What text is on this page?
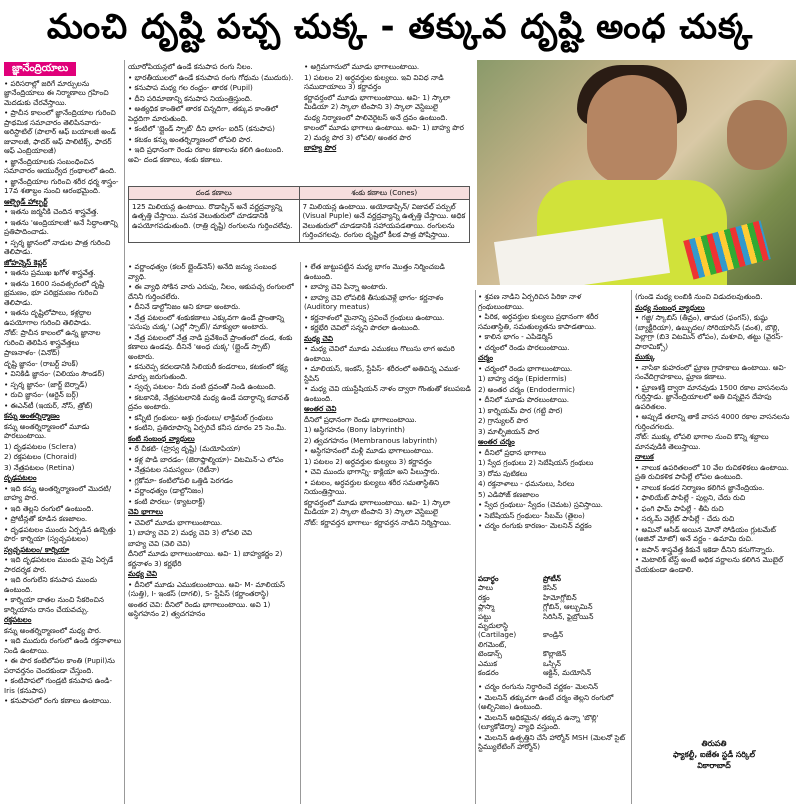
మంచి దృష్టి పచ్చ చుక్క - తక్కువ దృష్టి అంధ చుక్క
జ్ఞానేంద్రియాలు

• పరిసరాల్లో జరిగే మార్పులను జ్ఞానేంద్రియాలు ఈ నిర్మాణాలు గ్రహించి మెదడుకు చేరవేస్తాయి.

• ప్రాచీన కాలంలో జ్ఞానేంద్రియాల గురించి ప్రాథమిక సమాచారం తెలిపినవారు- అరిస్టాటిల్ (పొలార్ ఆఫ్ బయాలజీ అండ్ జువాలజీ, ఫాదర్ ఆఫ్ పాలిటిక్స్, ఫాదర్ ఆఫ్ ఎంబ్రియాలజీ)

• జ్ఞానేంద్రియాలకు సంబంధించిన సమాచారం ఆయుర్వేద గ్రంథాలలో ఉంది.

• జ్ఞానేంద్రియాల గురించి శరీర ధర్మ శాస్త్రం- 17వ శతాబ్దం నుంచి ఆరంభమైంది.

ఆల్ఫ్రెడ్ హాల్ఫర్ట్

• ఇతను జర్మనీకి చెందిన శాస్త్రవేత్త.

• ఇతను 'అంద్రియాలజీ' అనే సిద్ధాంతాన్ని ప్రతిపాదించాడు.

• స్పర్శ జ్ఞానంలో నాడుల పాత్ర గురించి తెలిపాడు.

జోహన్నెస్ కెప్లర్

• ఇతను ప్రముఖ ఖగోళ శాస్త్రవేత్త.

• ఇతను 1600 సంవత్సరంలో దృష్టి భ్రమణం, భూ పరిభ్రమణం గురించి తెలిపాడు.

• ఇతను దృష్టిలోపాలు, కళ్లద్దాల ఉపయోగాల గురించి తెలిపాడు.

నోట్: ప్రాచీన కాలంలో ఉన్న జ్ఞానాల గురించి తెలిపిన శాస్త్రవేత్తలు

ప్రాణనాళం- (వినోద్)

దృష్టి జ్ఞానం- (రాబర్ట్ హుక్)

• వినికిడి జ్ఞానం- (విలియం సౌండర్)

• స్పర్శ జ్ఞానం- (జార్జ్ బెర్నాడ్)

• రుచి జ్ఞానం- (ఆర్టెన్ బర్గ్)

• ఈఎన్‌టీ (ఇయర్, నోస్, త్రోట్)

కన్ను అంతర్నిర్మాణం

కన్ను అంతర్నిర్మాణంలో మూడు పొరలుంటాయి.

1) దృఢపటలం (Sclera)

2) రక్తపటలం (Choraid)

3) నేత్రపటలం (Retina)

దృఢపటలం

• ఇది కన్ను అంతర్నిర్మాణంలో మొదటి/ బాహ్య పొర.

• ఇది తెల్లని రంగులో ఉంటుంది.

• ప్రోటీన్లతో కూడిన కణజాలం.

• దృఢపటలం ముందు ఏర్పడిన ఉబ్బెత్తు పొర- కార్నియా (స్వచ్ఛపటలం)

స్వచ్ఛపటలం/ కార్నియా

• ఇది దృఢపటలం ముందు వైపు ఏర్పడే పారదర్శక పొర.

• ఇది రంగులేని కనుపాప ముందు ఉంటుంది.

• కార్నియా దాతల నుంచి సేకరించిన కార్నియాను దానం చేయవచ్చు.

రక్తపటలం

కన్ను అంతర్నిర్మాణంలో మధ్య పొర.

• ఇది ముదురు రంగులో ఉండి రక్తనాళాలు నిండి ఉంటాయి.

• ఈ పొర కంటిలోపల కాంతి (Pupil)ను పరావర్తనం చెందకుండా చేస్తుంది.

• కంటిపాపలో గుండ్రటి కనుపాప ఉండి- Iris (కనుపాప)

• కనుపాపలో రంగు కణాలు ఉంటాయి.

యూరోపియన్లలో ఉండే కనుపాప రంగు నీలం.

• భారతీయులలో ఉండే కనుపాప రంగు గోధుమ (ముదురు).

• కనుపాప మధ్య గల రంధ్రం- తారక (Pupil)

• దీని పరిమాణాన్ని కనుపాప నియంత్రిస్తుంది.

• అత్యధిక కాంతిలో తారక చిన్నదిగా, తక్కువ కాంతిలో పెద్దదిగా మారుతుంది.

• కంటిలో 'బ్లైండ్ స్పాట్' దీని భాగం- ఐరిస్ (కనుపాప)

• కటకం కన్ను అంతర్నిర్మాణంలో లోపలి పొర.

• ఇది ప్రధానంగా రెండు రకాల కణాలను కలిగి ఉంటుంది. అవి- దండ కణాలు, శంకు కణాలు.

• అగ్రిమగానులో మూడు భాగాలుంటాయి.

1) పటలం 2) అర్ధవర్తుల కుల్యలు. ఇవి వివిధ నాడి సముదాయాలు 3) కర్ణావర్తం

కర్ణావర్తంలో మూడు భాగాలుంటాయి. అవి- 1) స్కాలా మీడియా 2) స్కాలా టింపాని 3) స్కాలా వెస్టిబులై

మధ్య నిర్మాణంలో పాలివెరైటస్ అనే ద్రవం ఉంటుంది.

కాలంలో మూడు భాగాలు ఉంటాయి. అవి- 1) బాహ్య పొర 2) మధ్య పొర 3) లోపలి/ అంతర పొర

బాహ్య పొర

దండ కణాలు	శంకు కణాలు (Cones)
125 మిలియన్ల ఉంటాయి. రొడాప్సిన్ అనే వర్ణద్రవ్యాన్ని ఉత్పత్తి చేస్తాయి. మసక వెలుతురులో చూడడానికి ఉపయోగపడుతుంది. (రాత్రి దృష్టి) రంగులను గుర్తించలేవు.	7 మిలియన్ల ఉంటాయి. అయోడాప్సిన్/ విజువల్ పర్పుల్ (Visual Puple) అనే వర్ణద్రవ్యాన్ని ఉత్పత్తి చేస్తాయి. అధిక వెలుతురులో చూడడానికి సహాయపడతాయి. రంగులను గుర్తించగలవు. రంగుల దృష్టిలో కీలక పాత్ర పోషిస్తాయి.

• వర్ణాంధత్వం (కలర్ బ్లైండ్‌నెస్) అనేది జన్యు సంబంధ వ్యాధి.

• ఈ వ్యాధి సోకిన వారు ఎరుపు, నీలం, ఆకుపచ్చ రంగులలో దేనినీ గుర్తించలేరు.

• దీనినే డాల్టోనిజం అని కూడా అంటారు.

• నేత్ర పటలంలో శంకుకణాలు ఎక్కువగా ఉండే ప్రాంతాన్ని 'పసుపు చుక్క' (ఎల్లో స్పాట్)/ మాక్యులా అంటారు.

• నేత్ర పటలంలో నేత్ర నాడి ప్రవేశించే ప్రాంతంలో దండ, శంకు కణాలు ఉండవు. దీనినే 'అంధ చుక్క' (బ్లైండ్ స్పాట్) అంటారు.

• కనురెప్ప కదలడానికి సిలియరీ కండరాలు, కటకంలో కక్ష్య మార్పు జరుగుతుంది.

• స్వచ్ఛ పటలం- నీరు వంటి ద్రవంతో నిండి ఉంటుంది.

• కటకానికి, నేత్రపటలానికి మధ్య ఉండే పదార్థాన్ని కచావత్ ద్రవం అంటారు.

• కన్నీటి గ్రంథులు- అశ్రు గ్రంథులు/ లాక్రిమల్ గ్రంథులు

• కంటిని, ప్రతిరూపాన్ని ఏర్పరిచే కనీస దూరం 25 సెం.మీ.

కంటి సంబంధ వ్యాధులు

• రే చీకటి- (హ్రస్వ దృష్టి) (మయోపియా)

• కళ్ల పొడి బారడం- (జెరాఫ్తాల్మియా)- విటమిన్-ఎ లోపం

• నేత్రపటల సమస్యలు- (రెటీనా)

• గ్లకోమా- కంటిలోపలి ఒత్తిడి పెరగడం

• వర్ణాంధత్వం (డాల్టోనిజం)

• కంటి పొరలు- (క్యాటరాక్ట్)

చెవి భాగాలు

• చెవిలో మూడు భాగాలుంటాయి.

1) బాహ్య చెవి 2) మధ్య చెవి 3) లోపలి చెవి

బాహ్య చెవి (వెలి చెవి)

దీనిలో మూడు భాగాలుంటాయి. అవి- 1) బాహ్యకర్ణం 2) కర్ణనాళం 3) కర్ణభేరి

మధ్య చెవి

• దీనిలో మూడు ఎముకలుంటాయి. అవి- M- మాలియస్ (సుత్తి), I- ఇంకస్ (దాగలి), S- స్టేపిస్ (కర్ణాంతరాస్థి)

అంతర చెవి: దీనిలో రెండు భాగాలుంటాయి. అవి 1) అస్థిగహనం 2) త్వచగహనం

• లేత జుట్టుపట్టిన మధ్య భాగం మొత్తం నిర్మించబడి ఉంటుంది.

• బాహ్య చెవి పిన్నా అంటారు.

• బాహ్య చెవి లోపలికి తీసుకువెళ్లే భాగం- కర్ణనాళం (Auditory meatus)

• కర్ణనాళంలో మైనాన్ని స్రవించే గ్రంథులు ఉంటాయి.

• కర్ణభేరి చెవిలో సన్నని పొరలా ఉంటుంది.

మధ్య చెవి

• మధ్య చెవిలో మూడు ఎముకలు గొలుసు లాగ అమరి ఉంటాయి.

• మాలియస్, ఇంకస్, స్టేపిస్- శరీరంలో అతిచిన్న ఎముక- స్టేపిస్

• మధ్య చెవి యుస్టేషియన్ నాళం ద్వారా గొంతుతో కలుపబడి ఉంటుంది.

అంతర చెవి

దీనిలో ప్రధానంగా రెండు భాగాలుంటాయి.

1) అస్థిగహనం (Bony labyrinth)

2) త్వచగహనం (Membranous labyrinth)

• అస్థిగహనంలో మళ్లీ మూడు భాగాలుంటాయి.

1) పటలం 2) అర్ధవర్తుల కుల్యలు 3) కర్ణావర్తం

• చెవి ముందు భాగాన్ని- కాక్లియా అని పిలుస్తారు.

• పటలం, అర్ధవర్తుల కుల్యలు శరీర సమతాస్థితిని నియంత్రిస్తాయి.

కర్ణావర్తంలో మూడు భాగాలుంటాయి. అవి- 1) స్కాలా మీడియా 2) స్కాలా టింపాని 3) స్కాలా వెస్టిబులై

నోట్: కర్ణావర్తన భాగాలు- కర్ణావర్తన నాడిని నిర్మిస్తాయి.

• శ్రవణ నాడిని ఏర్పరిచిన పిరికా నాళ గ్రంథులుంటాయి.

• పిరిక, అర్ధవర్తుల కుల్యలు ప్రధానంగా శరీర సమతాస్థితి, సమతుల్యతను కాపాడతాయి.

• కాలిన భాగం - ఎపిడెర్మిస్

• చర్మంలో రెండు పొరలుంటాయి.

చర్మం

• చర్మంలో రెండు భాగాలుంటాయి.

1) బాహ్య చర్మం (Epidermis)

2) అంతర చర్మం (Endodermic)

• దీనిలో మూడు పొరలుంటాయి.

1) కార్నియమ్ పొర (గట్టి పొర)

2) గ్రాన్యులర్ పొర

3) మాల్ఫీజియన్ పొర

అంతర చర్మం

• దీనిలో ప్రధాన భాగాలు

1) స్వేద గ్రంథులు 2) సెబేషియస్ గ్రంథులు

3) రోమ పుటికలు

4) రక్తనాళాలు - ధమనులు, సిరలు

5) ఎడిపోజ్ కణజాలం

• స్వేద గ్రంథులు- స్వేదం (చెమట) స్రవిస్తాయి.

• సెబేషియస్ గ్రంథులు- సీబమ్ (తైలం)

• చర్మం రంగుకు కారణం- మెలనిన్ వర్ణకం

పదార్థం	ప్రోటీన్
పాలు	కెసిన్
రక్తం	హిమోగ్లోబిన్
ప్లాస్మా	గ్లోబిన్, ఆల్బుమిన్
పట్టు	సిరిసిన్, ఫైబ్రోయిన్
మృదులాస్థి
(Cartilage)	కాండ్రిన్
లిగమెంట్,
టెండాన్స్	కొల్లాజెన్
ఎముక	ఒస్సిన్
కండరం	ఆక్టిన్, మయోసిన్

• చర్మం రంగును నిర్ధారించే వర్ణకం- మెలనిన్

• మెలనిన్ తక్కువగా ఉంటే చర్మం తెల్లని రంగులో (అల్బినిజం) ఉంటుంది.

• మెలనిన్ అధికమైన/ తక్కువ ఉన్నా 'బొల్లి' (ల్యూకోడెర్మా) వ్యాధి వస్తుంది.

• మెలనిన్ ఉత్పత్తిని చేసే హార్మోన్ MSH (మెలనో సైట్ స్టిమ్యులేటింగ్ హార్మోన్)

(గుండె మధ్య లంబికి నుంచి విడుదలవుతుంది.

మధ్య సంబంధ వ్యాధులు

• గజ్జి/ స్కాబిస్ (తీవ్రం), తామర (ఫంగస్), కుష్ఠు (బ్యాక్టీరియా), ఉబ్బుదల/ సోరియాసిస్ (వంశ), బొల్లి, పెల్లాగ్రా (బి3 విటమిన్ లోపం), మశూచి, తట్టు (వైరస్- పారామిక్సో)

ముక్కు

• నాసికా కుహరంలో ఘ్రాణ గ్రాహకాలు ఉంటాయి. అవి- సంవేదిగ్రాహకాలు, ఘ్రాణ కణాలు.

• ఘ్రాణశక్తి ద్వారా మానవుడు 1500 రకాల వాసనలను గుర్తిస్తాడు. జ్ఞానేంద్రియాలలో అతి చిన్నదైన దేహపు ఉపరితలం.

• అప్పుడే తలాన్ని తాకే వాసన 4000 రకాల వాసనలను గుర్తించగలదు.

నోట్: ముక్కు లోపలి భాగాల నుంచి కొన్ని శబ్దాలు మానవుడికి తెలుస్తాయి.

నాలుక

• నాలుక ఉపరితలంలో 10 వేల రుచికళికలు ఉంటాయి. ప్రతి రుచికళిక పాపిల్లే లోపల ఉంటుంది.

• నాలుక కండర నిర్మాణం కలిగిన జ్ఞానేంద్రియం.

• ఫాలియేట్ పాపిల్లే - పుల్లని, చేదు రుచి

• ఫంగి ఫామ్ పాపిల్లే - తీపి రుచి

• సర్కమ్ వెల్లేట్ పాపిల్లే - చేదు రుచి

• అమినో ఆసిడ్ అయిన మోనో సోడియం గ్లుటమేట్ (అజినో మోటో) అనే వర్ణం - ఉమామి రుచి.

• జపాన్ శాస్త్రవేత్త కికునే ఇకెడా దీనిని కనుగొన్నారు.

• మెటాలిక్ టేస్ట్ అంటే అధిక వర్ణాలను కలిగిన మొబైల్ చేయకుండా ఉండాలి.

తిరుపతి
ఫ్యాకల్టీ, ఐజేఈ స్టడీ సర్కిల్
వికారాబాద్
